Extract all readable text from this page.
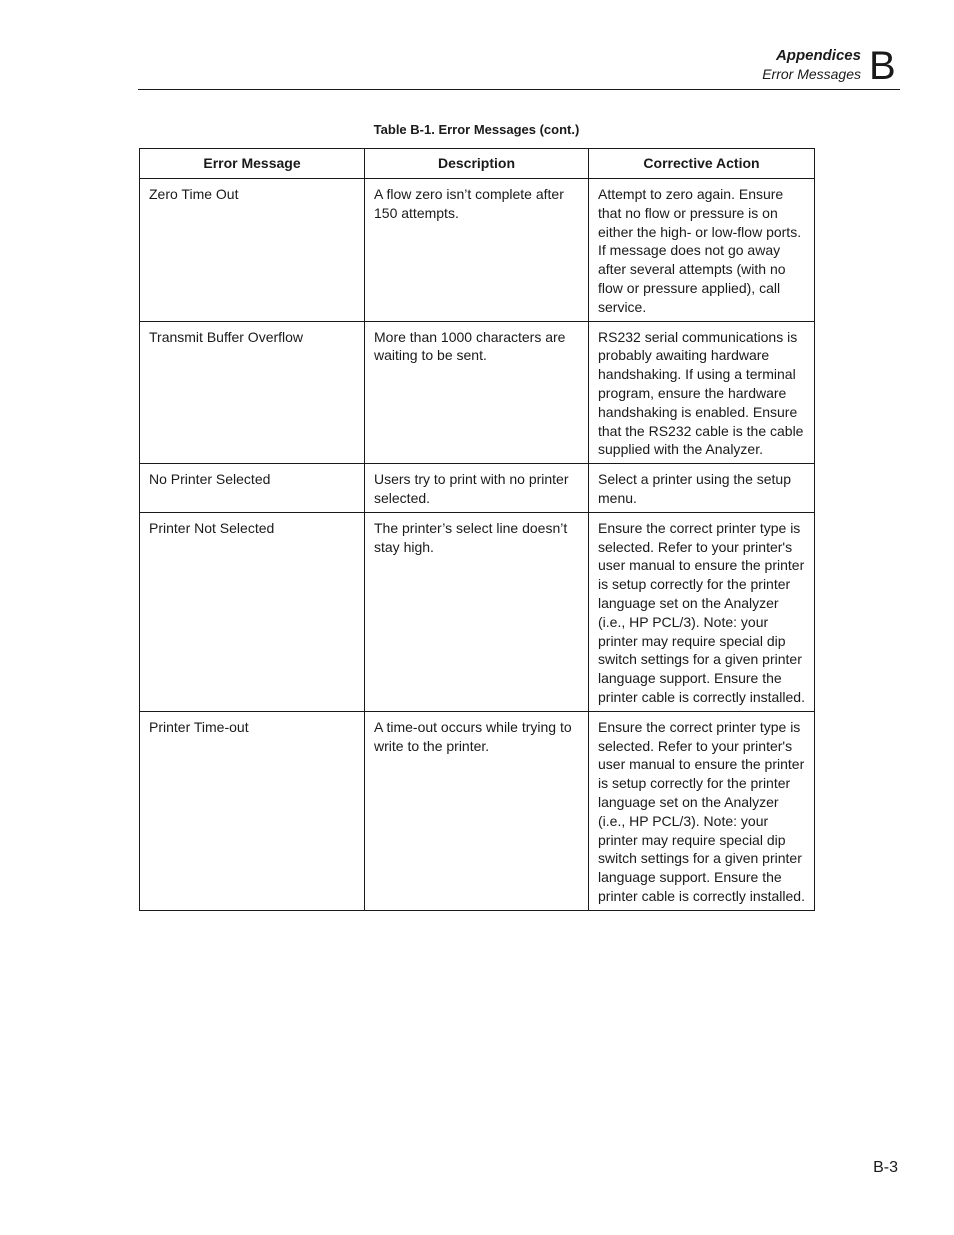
Appendices
Error Messages B
Table B-1. Error Messages (cont.)
Error Message	Description	Corrective Action
Zero Time Out	A flow zero isn’t complete after 150 attempts.	Attempt to zero again. Ensure that no flow or pressure is on either the high- or low-flow ports. If message does not go away after several attempts (with no flow or pressure applied), call service.
Transmit Buffer Overflow	More than 1000 characters are waiting to be sent.	RS232 serial communications is probably awaiting hardware handshaking. If using a terminal program, ensure the hardware handshaking is enabled. Ensure that the RS232 cable is the cable supplied with the Analyzer.
No Printer Selected	Users try to print with no printer selected.	Select a printer using the setup menu.
Printer Not Selected	The printer’s select line doesn’t stay high.	Ensure the correct printer type is selected. Refer to your printer's user manual to ensure the printer is setup correctly for the printer language set on the Analyzer (i.e., HP PCL/3). Note: your printer may require special dip switch settings for a given printer language support. Ensure the printer cable is correctly installed.
Printer Time-out	A time-out occurs while trying to write to the printer.	Ensure the correct printer type is selected. Refer to your printer's user manual to ensure the printer is setup correctly for the printer language set on the Analyzer (i.e., HP PCL/3). Note: your printer may require special dip switch settings for a given printer language support. Ensure the printer cable is correctly installed.
B-3
